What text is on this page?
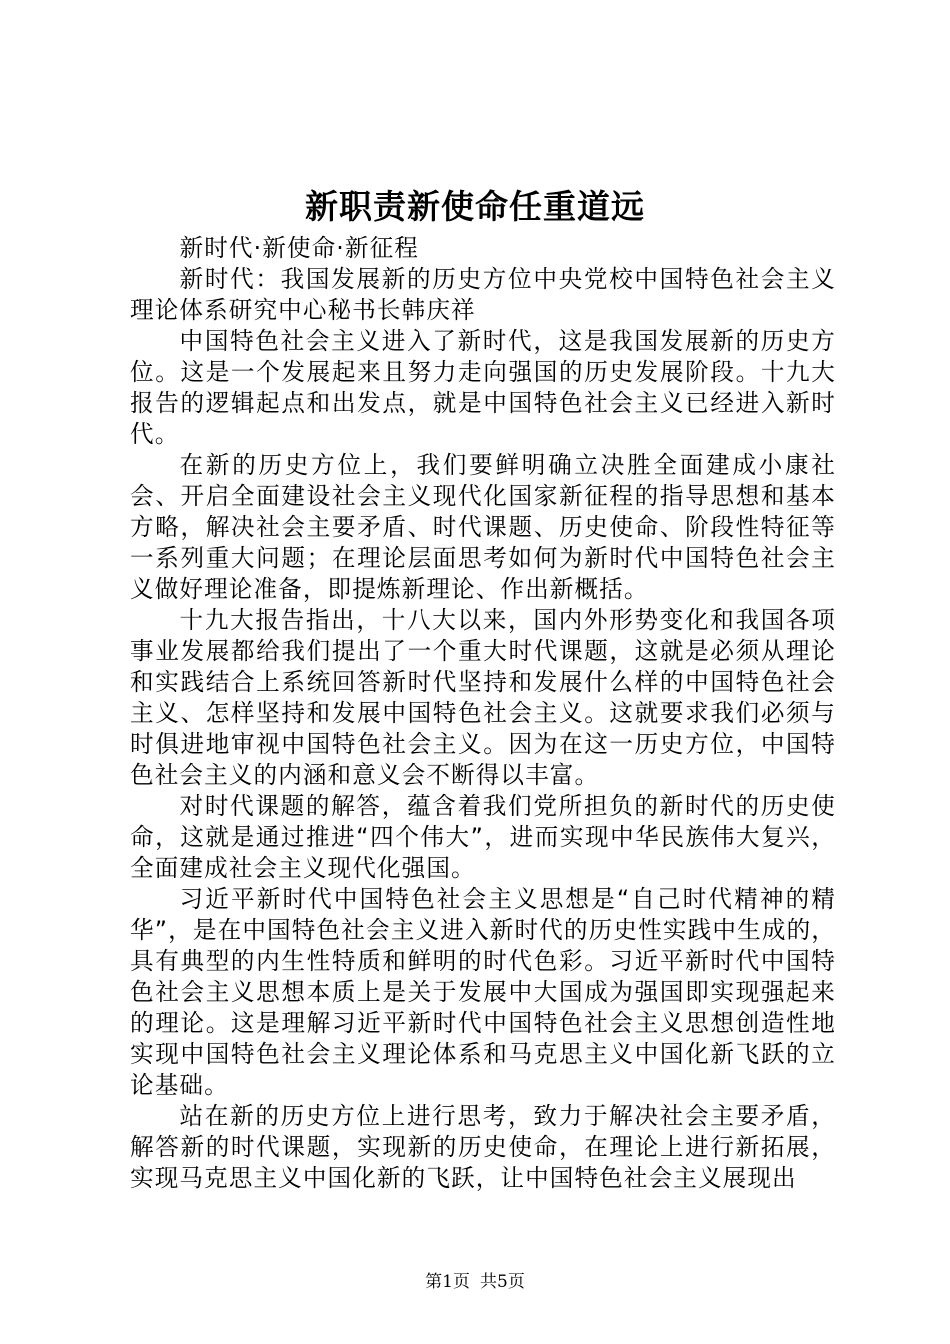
新职责新使命任重道远

新时代·新使命·新征程

新时代：我国发展新的历史方位中央党校中国特色社会主义理论体系研究中心秘书长韩庆祥

中国特色社会主义进入了新时代，这是我国发展新的历史方位。这是一个发展起来且努力走向强国的历史发展阶段。十九大报告的逻辑起点和出发点，就是中国特色社会主义已经进入新时代。

在新的历史方位上，我们要鲜明确立决胜全面建成小康社会、开启全面建设社会主义现代化国家新征程的指导思想和基本方略，解决社会主要矛盾、时代课题、历史使命、阶段性特征等一系列重大问题；在理论层面思考如何为新时代中国特色社会主义做好理论准备，即提炼新理论、作出新概括。

十九大报告指出，十八大以来，国内外形势变化和我国各项事业发展都给我们提出了一个重大时代课题，这就是必须从理论和实践结合上系统回答新时代坚持和发展什么样的中国特色社会主义、怎样坚持和发展中国特色社会主义。这就要求我们必须与时俱进地审视中国特色社会主义。因为在这一历史方位，中国特色社会主义的内涵和意义会不断得以丰富。

对时代课题的解答，蕴含着我们党所担负的新时代的历史使命，这就是通过推进“四个伟大”，进而实现中华民族伟大复兴，全面建成社会主义现代化强国。

习近平新时代中国特色社会主义思想是“自己时代精神的精华”，是在中国特色社会主义进入新时代的历史性实践中生成的，具有典型的内生性特质和鲜明的时代色彩。习近平新时代中国特色社会主义思想本质上是关于发展中大国成为强国即实现强起来的理论。这是理解习近平新时代中国特色社会主义思想创造性地实现中国特色社会主义理论体系和马克思主义中国化新飞跃的立论基础。

站在新的历史方位上进行思考，致力于解决社会主要矛盾，解答新的时代课题，实现新的历史使命，在理论上进行新拓展，实现马克思主义中国化新的飞跃，让中国特色社会主义展现出

第1页 共5页
